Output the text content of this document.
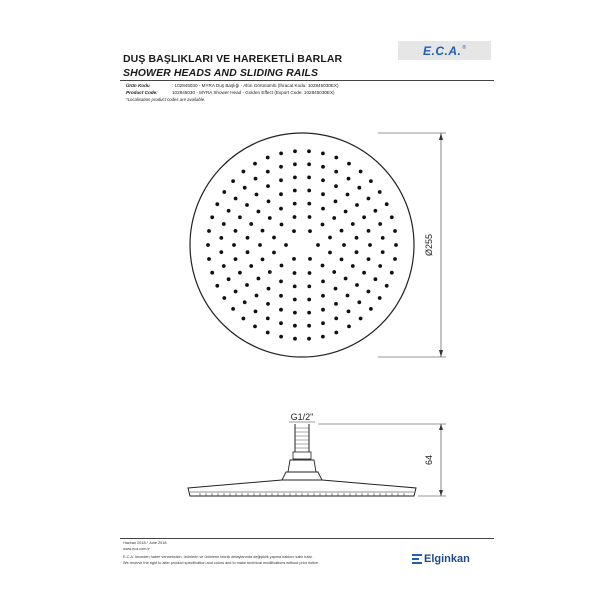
DUŞ BAŞLIKLARI VE HAREKETLİ BARLAR
SHOWER HEADS AND SLIDING RAILS
E.C.A. ®
Ürün Kodu	: 102845030 - MYRA Duş Başlığı - Altın Görünümlü (İhracat Kodu: 102845030EX)
Product Code:	102845030 - MYRA Shower Head - Golden Effect (Export Code: 102845030EX)
*Localisation product codes are available.
Ø255
G1/2"
64
Haziran 2018 / June 2018
www.eca.com.tr
E.C.A. önceden haber vermeksizin, ürünlerin ve ürünlerin teknik detaylarında değişiklik yapma hakkını saklı tutar.
We reserve the right to alter product specification and colors and to make technical modifications without prior notice.	Elginkan
